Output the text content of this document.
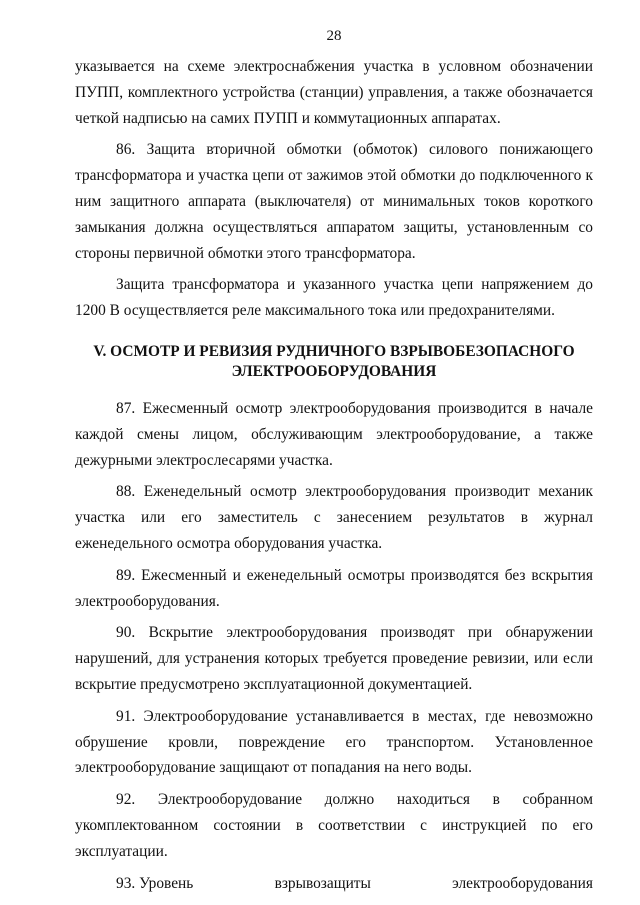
28

указывается на схеме электроснабжения участка в условном обозначении ПУПП, комплектного устройства (станции) управления, а также обозначается четкой надписью на самих ПУПП и коммутационных аппаратах.

86. Защита вторичной обмотки (обмоток) силового понижающего трансформатора и участка цепи от зажимов этой обмотки до подключенного к ним защитного аппарата (выключателя) от минимальных токов короткого замыкания должна осуществляться аппаратом защиты, установленным со стороны первичной обмотки этого трансформатора.

Защита трансформатора и указанного участка цепи напряжением до 1200 В осуществляется реле максимального тока или предохранителями.

V. ОСМОТР И РЕВИЗИЯ РУДНИЧНОГО ВЗРЫВОБЕЗОПАСНОГО
ЭЛЕКТРООБОРУДОВАНИЯ

87. Ежесменный осмотр электрооборудования производится в начале каждой смены лицом, обслуживающим электрооборудование, а также дежурными электрослесарями участка.

88. Еженедельный осмотр электрооборудования производит механик участка или его заместитель с занесением результатов в журнал еженедельного осмотра оборудования участка.

89. Ежесменный и еженедельный осмотры производятся без вскрытия электрооборудования.

90. Вскрытие электрооборудования производят при обнаружении нарушений, для устранения которых требуется проведение ревизии, или если вскрытие предусмотрено эксплуатационной документацией.

91. Электрооборудование устанавливается в местах, где невозможно обрушение кровли, повреждение его транспортом. Установленное электрооборудование защищают от попадания на него воды.

92. Электрооборудование должно находиться в собранном укомплектованном состоянии в соответствии с инструкцией по его эксплуатации.

93. Уровень	взрывозащиты	электрооборудования
